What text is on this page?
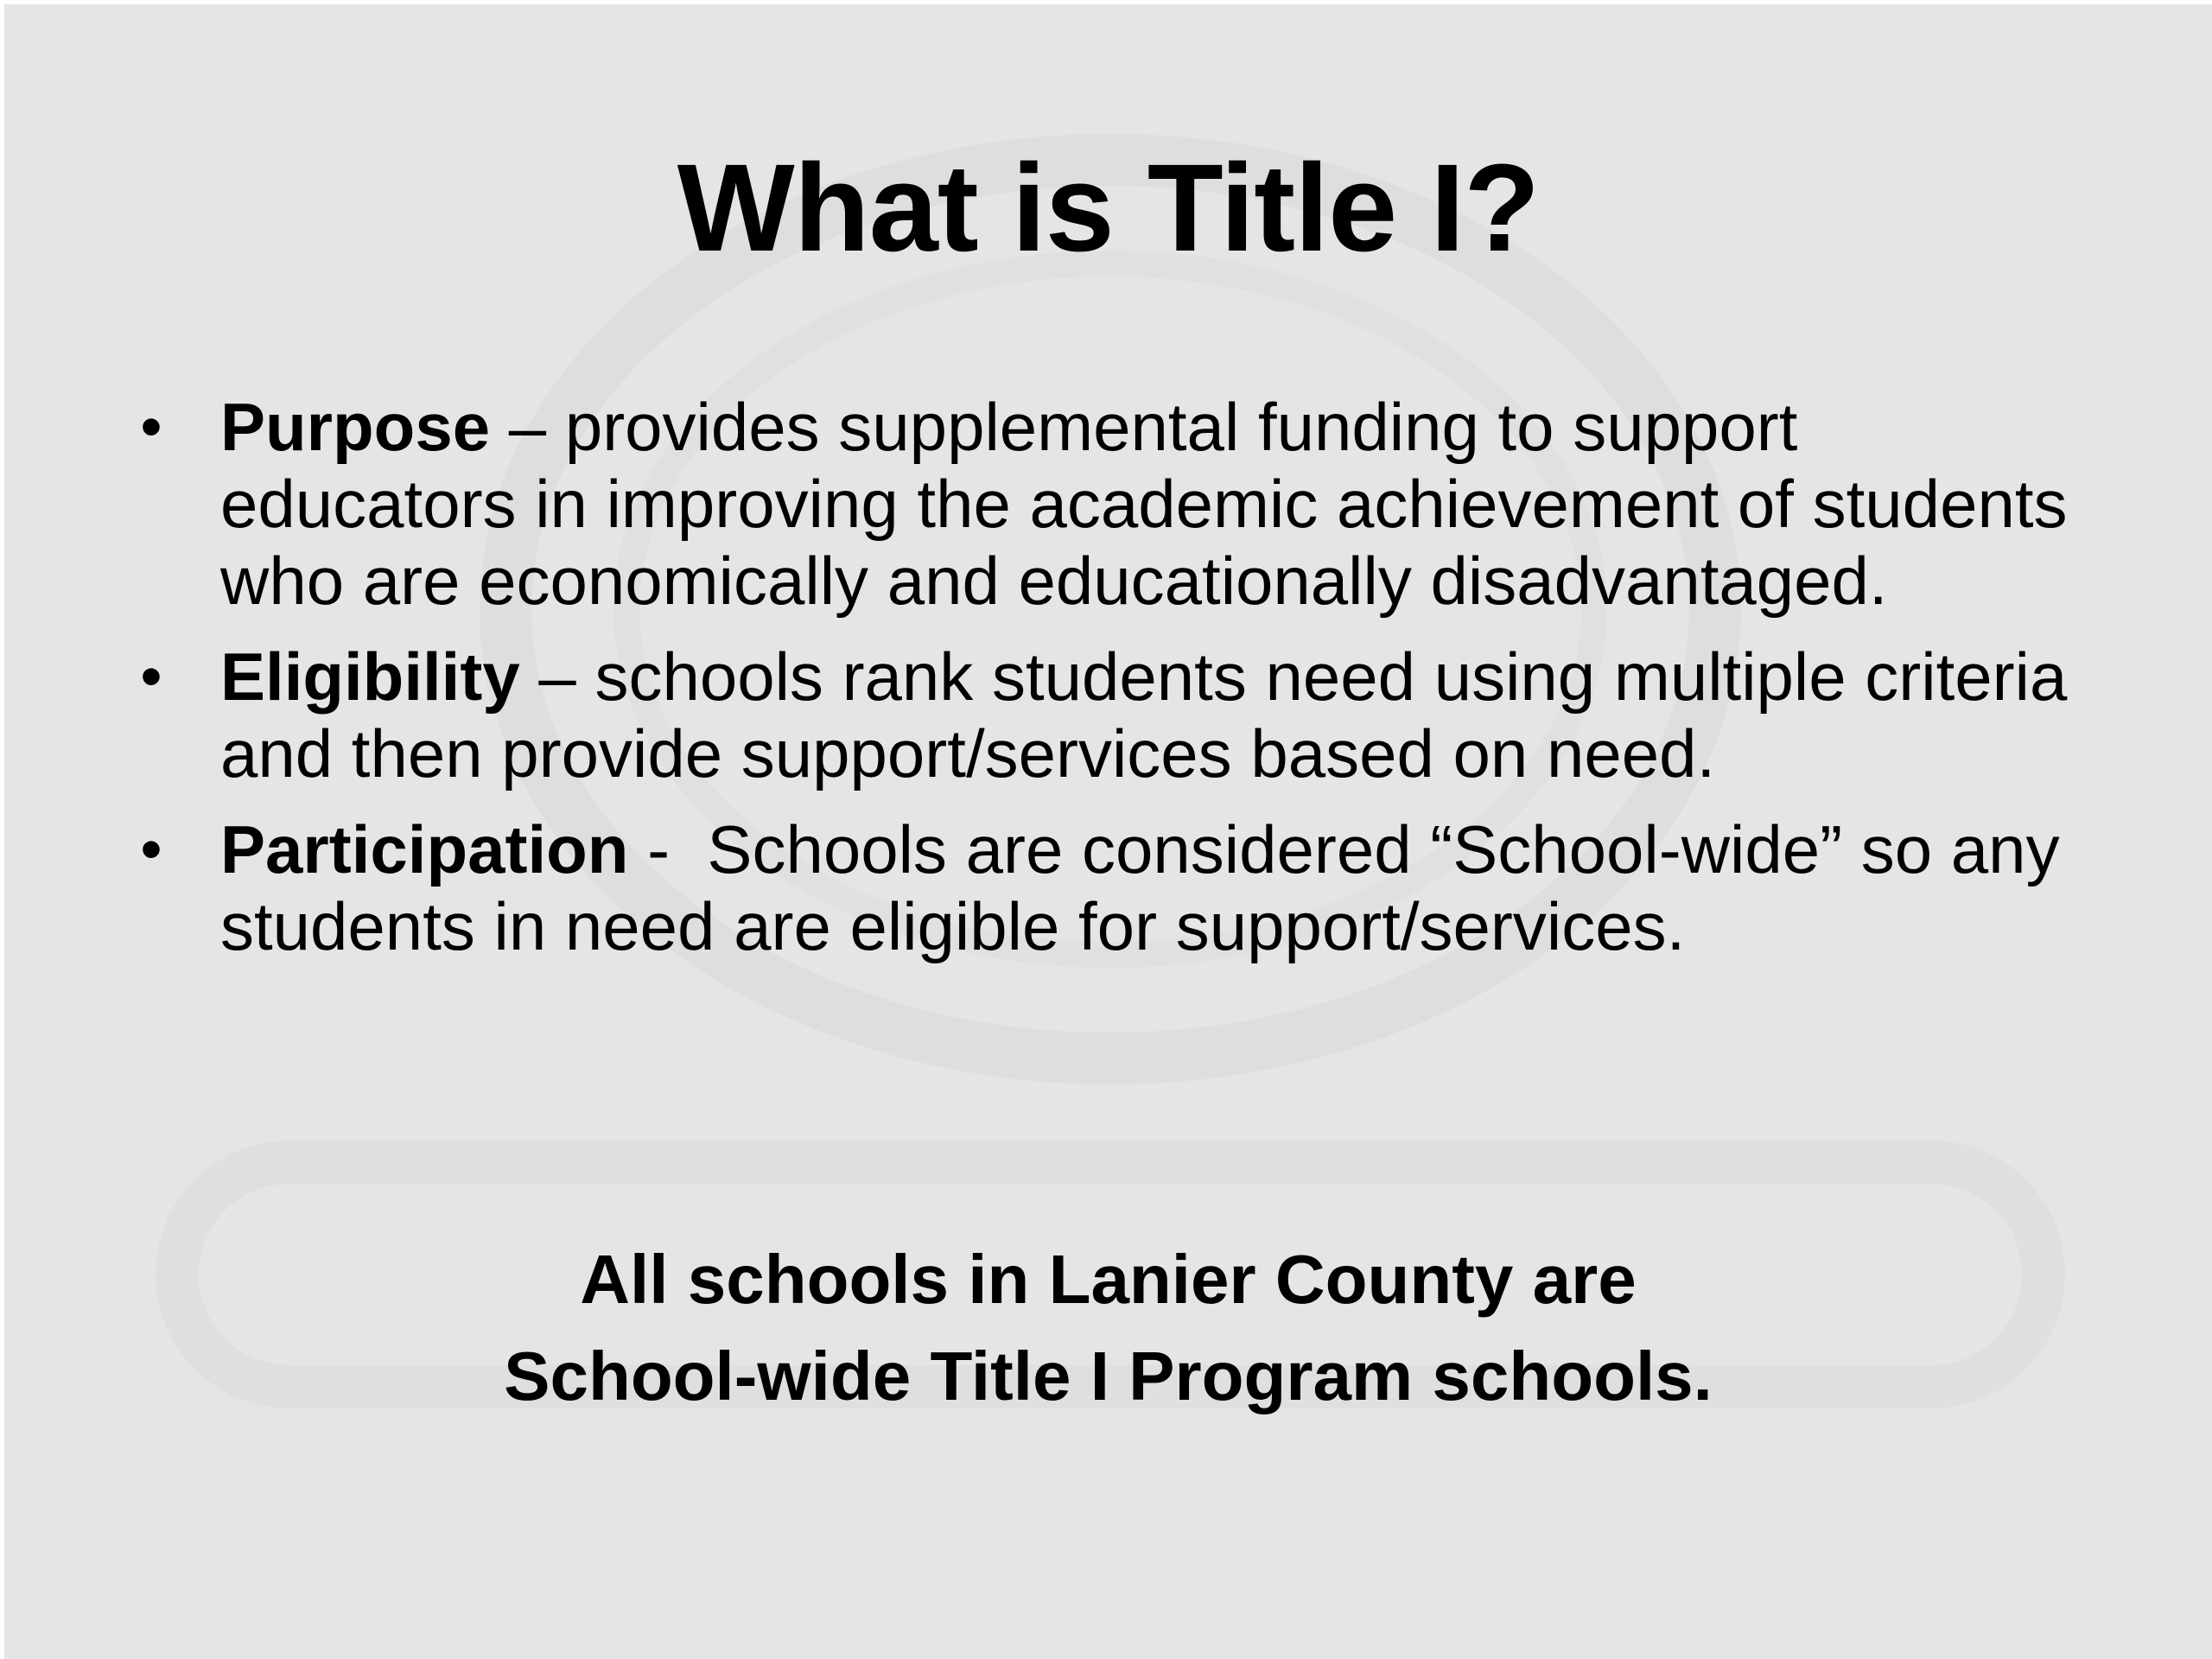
What is Title I?
• Purpose – provides supplemental funding to support educators in improving the academic achievement of students who are economically and educationally disadvantaged.
• Eligibility – schools rank students need using multiple criteria and then provide support/services based on need.
• Participation -  Schools are considered “School-wide” so any students in need are eligible for support/services.
All schools in Lanier County are
School-wide Title I Program schools.
